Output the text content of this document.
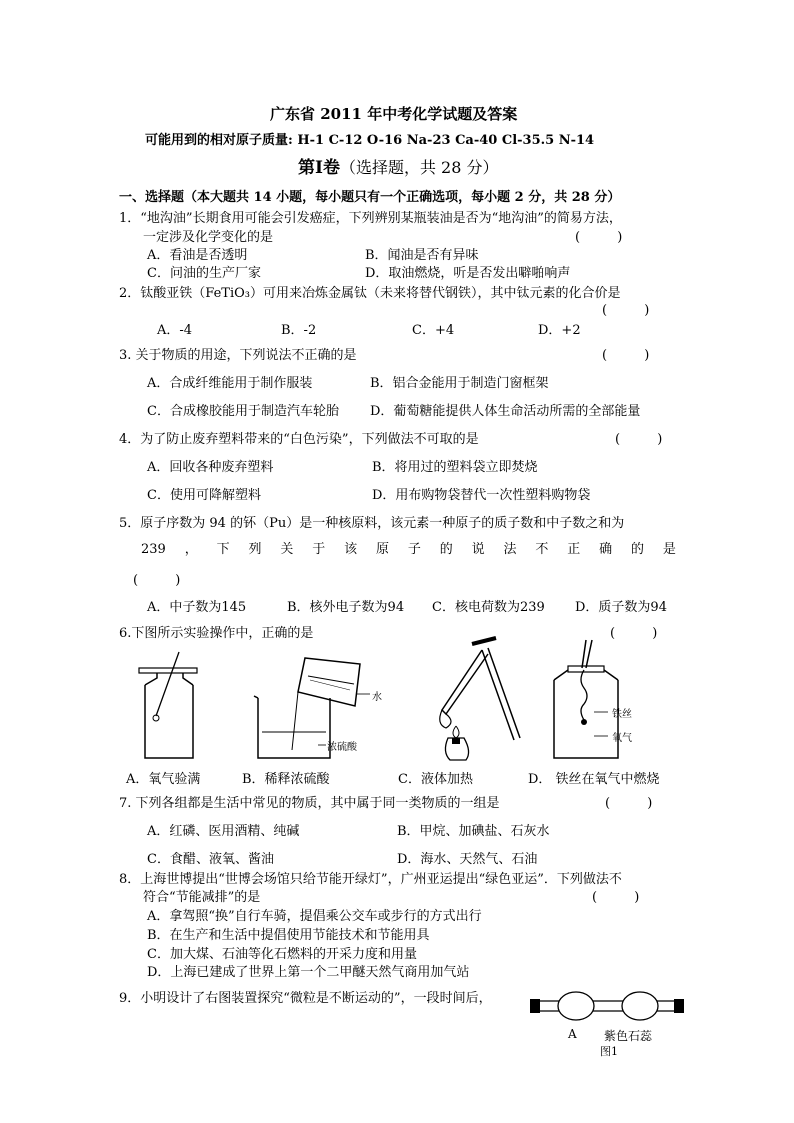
广东省 2011 年中考化学试题及答案
可能用到的相对原子质量: H-1 C-12 O-16 Na-23 Ca-40 Cl-35.5 N-14
第Ⅰ卷（选择题，共 28 分）
一、选择题（本大题共 14 小题，每小题只有一个正确选项，每小题 2 分，共 28 分）
1．“地沟油”长期食用可能会引发癌症，下列辨别某瓶装油是否为“地沟油”的简易方法，
一定涉及化学变化的是	(         )
A．看油是否透明	B．闻油是否有异味
C．问油的生产厂家	D．取油燃烧，听是否发出噼啪响声
2．钛酸亚铁（FeTiO₃）可用来冶炼金属钛（未来将替代钢铁），其中钛元素的化合价是
(         )
A．-4	B．-2	C．+4	D．+2
3. 关于物质的用途，下列说法不正确的是	(         )
A．合成纤维能用于制作服装	B．铝合金能用于制造门窗框架
C．合成橡胶能用于制造汽车轮胎 D．葡萄糖能提供人体生命活动所需的全部能量
4．为了防止废弃塑料带来的“白色污染”，下列做法不可取的是	(         )
A．回收各种废弃塑料	B．将用过的塑料袋立即焚烧
C．使用可降解塑料	D．用布购物袋替代一次性塑料购物袋
5．原子序数为 94 的钚（Pu）是一种核原料，该元素一种原子的质子数和中子数之和为
239 ， 下 列 关 于 该 原 子 的 说 法 不 正 确 的 是
(         )
A．中子数为145	B．核外电子数为94 C．核电荷数为239 D．质子数为94
6.下图所示实验操作中，正确的是	(         )
水
浓硫酸
铁丝
氧气
A．氧气验满	B．稀释浓硫酸	C．液体加热	D． 铁丝在氧气中燃烧
7. 下列各组都是生活中常见的物质，其中属于同一类物质的一组是	(         )
A．红磷、医用酒精、纯碱	B．甲烷、加碘盐、石灰水
C．食醋、液氧、酱油	D．海水、天然气、石油
8．上海世博提出“世博会场馆只给节能开绿灯”，广州亚运提出“绿色亚运”．下列做法不
符合“节能减排”的是	(         )
A．拿驾照“换”自行车骑，提倡乘公交车或步行的方式出行
B．在生产和生活中提倡使用节能技术和节能用具
C．加大煤、石油等化石燃料的开采力度和用量
D．上海已建成了世界上第一个二甲醚天然气商用加气站
9．小明设计了右图装置探究“微粒是不断运动的”，一段时间后，
A 紫色石蕊
图1
